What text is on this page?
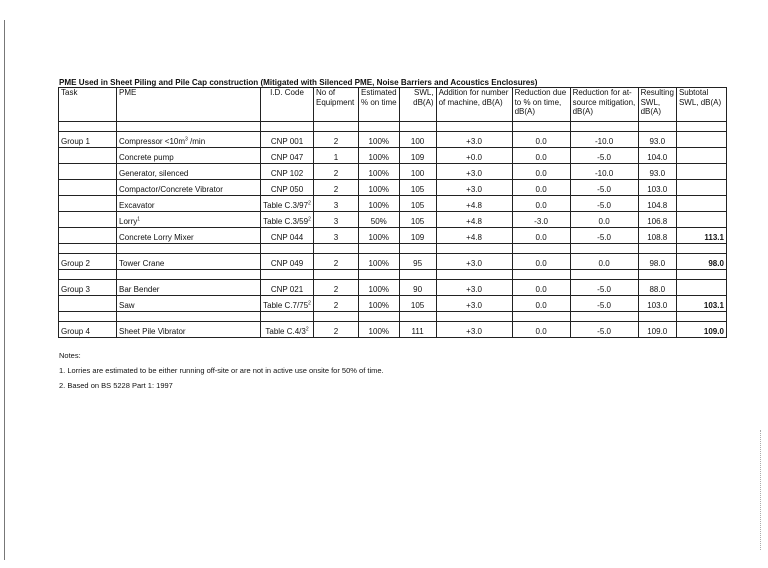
PME Used in Sheet Piling and Pile Cap construction (Mitigated with Silenced PME, Noise Barriers and Acoustics Enclosures)
Task	PME	I.D. Code	No of Equipment	Estimated % on time	SWL, dB(A)	Addition for number of machine, dB(A)	Reduction due to % on time, dB(A)	Reduction for at-source mitigation, dB(A)	Resulting SWL, dB(A)	Subtotal SWL, dB(A)

Group 1	Compressor $<10m^3$ /min	CNP 001	2	100%	100	+3.0	0.0	-10.0	93.0	
	Concrete pump	CNP 047	1	100%	109	+0.0	0.0	-5.0	104.0	
	Generator, silenced	CNP 102	2	100%	100	+3.0	0.0	-10.0	93.0	
	Compactor/Concrete Vibrator	CNP 050	2	100%	105	+3.0	0.0	-5.0	103.0	
	Excavator	Table $C.3/97^2$	3	100%	105	+4.8	0.0	-5.0	104.8	
	Lorry$^1$	Table $C.3/59^2$	3	50%	105	+4.8	-3.0	0.0	106.8	
	Concrete Lorry Mixer	CNP 044	3	100%	109	+4.8	0.0	-5.0	108.8	113.1

Group 2	Tower Crane	CNP 049	2	100%	95	+3.0	0.0	0.0	98.0	98.0

Group 3	Bar Bender	CNP 021	2	100%	90	+3.0	0.0	-5.0	88.0	
	Saw	Table $C.7/75^2$	2	100%	105	+3.0	0.0	-5.0	103.0	103.1

Group 4	Sheet Pile Vibrator	Table $C.4/3^2$	2	100%	111	+3.0	0.0	-5.0	109.0	109.0

Notes:

1. Lorries are estimated to be either running off-site or are not in active use onsite for 50% of time.

2. Based on BS 5228 Part 1: 1997
